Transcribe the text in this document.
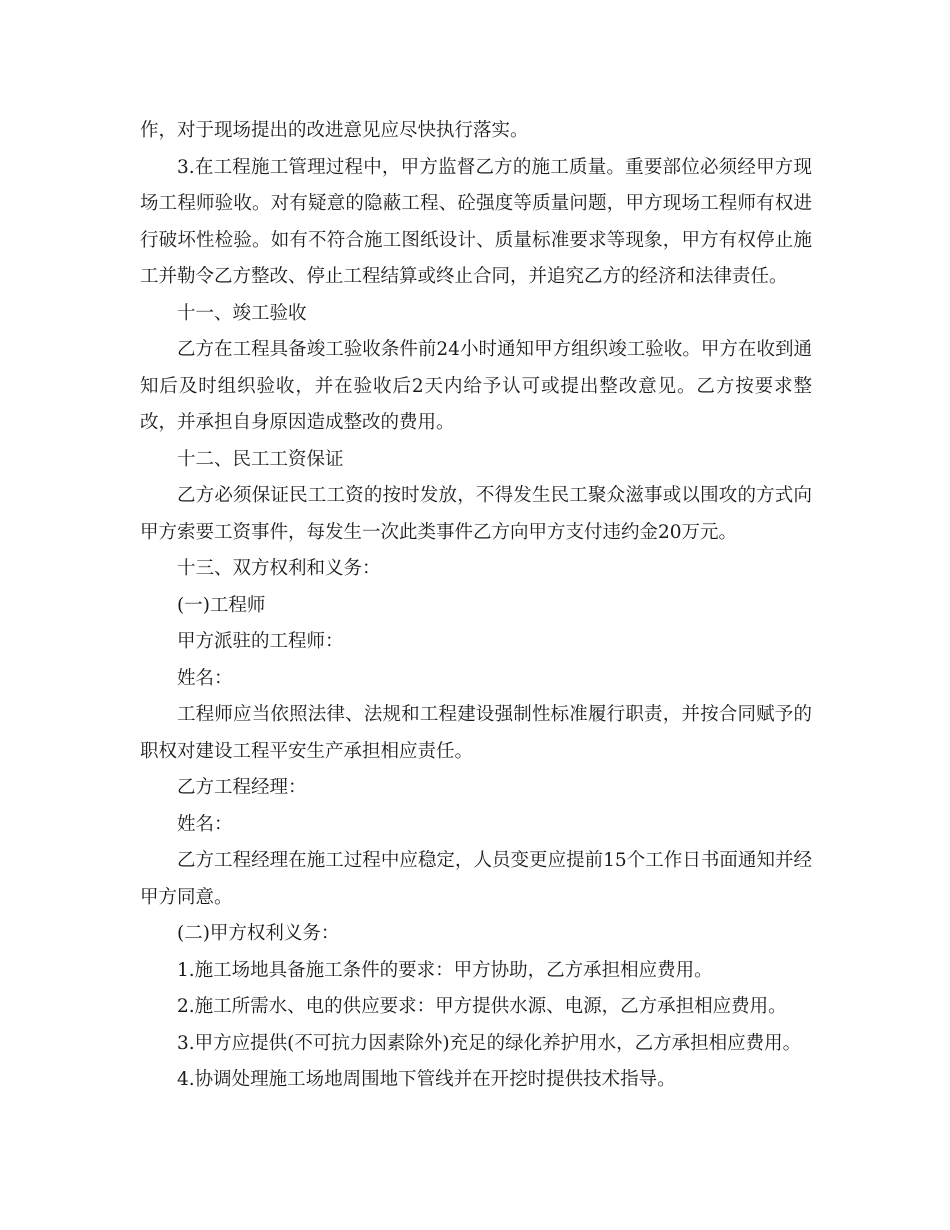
作，对于现场提出的改进意见应尽快执行落实。

3.在工程施工管理过程中，甲方监督乙方的施工质量。重要部位必须经甲方现场工程师验收。对有疑意的隐蔽工程、砼强度等质量问题，甲方现场工程师有权进行破坏性检验。如有不符合施工图纸设计、质量标准要求等现象，甲方有权停止施工并勒令乙方整改、停止工程结算或终止合同，并追究乙方的经济和法律责任。

十一、竣工验收

乙方在工程具备竣工验收条件前24小时通知甲方组织竣工验收。甲方在收到通知后及时组织验收，并在验收后2天内给予认可或提出整改意见。乙方按要求整改，并承担自身原因造成整改的费用。

十二、民工工资保证

乙方必须保证民工工资的按时发放，不得发生民工聚众滋事或以围攻的方式向甲方索要工资事件，每发生一次此类事件乙方向甲方支付违约金20万元。

十三、双方权利和义务：

(一)工程师

甲方派驻的工程师：

姓名：

工程师应当依照法律、法规和工程建设强制性标准履行职责，并按合同赋予的职权对建设工程平安生产承担相应责任。

乙方工程经理：

姓名：

乙方工程经理在施工过程中应稳定，人员变更应提前15个工作日书面通知并经甲方同意。

(二)甲方权利义务：

1.施工场地具备施工条件的要求：甲方协助，乙方承担相应费用。

2.施工所需水、电的供应要求：甲方提供水源、电源，乙方承担相应费用。

3.甲方应提供(不可抗力因素除外)充足的绿化养护用水，乙方承担相应费用。

4.协调处理施工场地周围地下管线并在开挖时提供技术指导。
